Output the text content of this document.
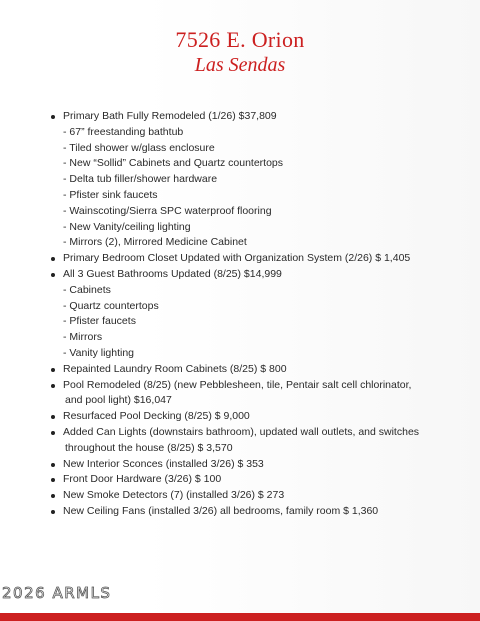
7526 E. Orion
Las Sendas
Primary Bath Fully Remodeled (1/26) $37,809
- 67” freestanding bathtub
- Tiled shower w/glass enclosure
- New “Sollid” Cabinets and Quartz countertops
- Delta tub filler/shower hardware
- Pfister sink faucets
- Wainscoting/Sierra SPC waterproof flooring
- New Vanity/ceiling lighting
- Mirrors (2), Mirrored Medicine Cabinet
Primary Bedroom Closet Updated with Organization System (2/26) $ 1,405
All 3 Guest Bathrooms Updated (8/25) $14,999
- Cabinets
- Quartz countertops
- Pfister faucets
- Mirrors
- Vanity lighting
Repainted Laundry Room Cabinets (8/25) $ 800
Pool Remodeled (8/25) (new Pebblesheen, tile, Pentair salt cell chlorinator,
and pool light) $16,047
Resurfaced Pool Decking (8/25) $ 9,000
Added Can Lights (downstairs bathroom), updated wall outlets, and switches
throughout the house (8/25) $ 3,570
New Interior Sconces (installed 3/26) $ 353
Front Door Hardware (3/26) $ 100
New Smoke Detectors (7) (installed 3/26) $ 273
New Ceiling Fans (installed 3/26) all bedrooms, family room $ 1,360
2026 ARMLS
